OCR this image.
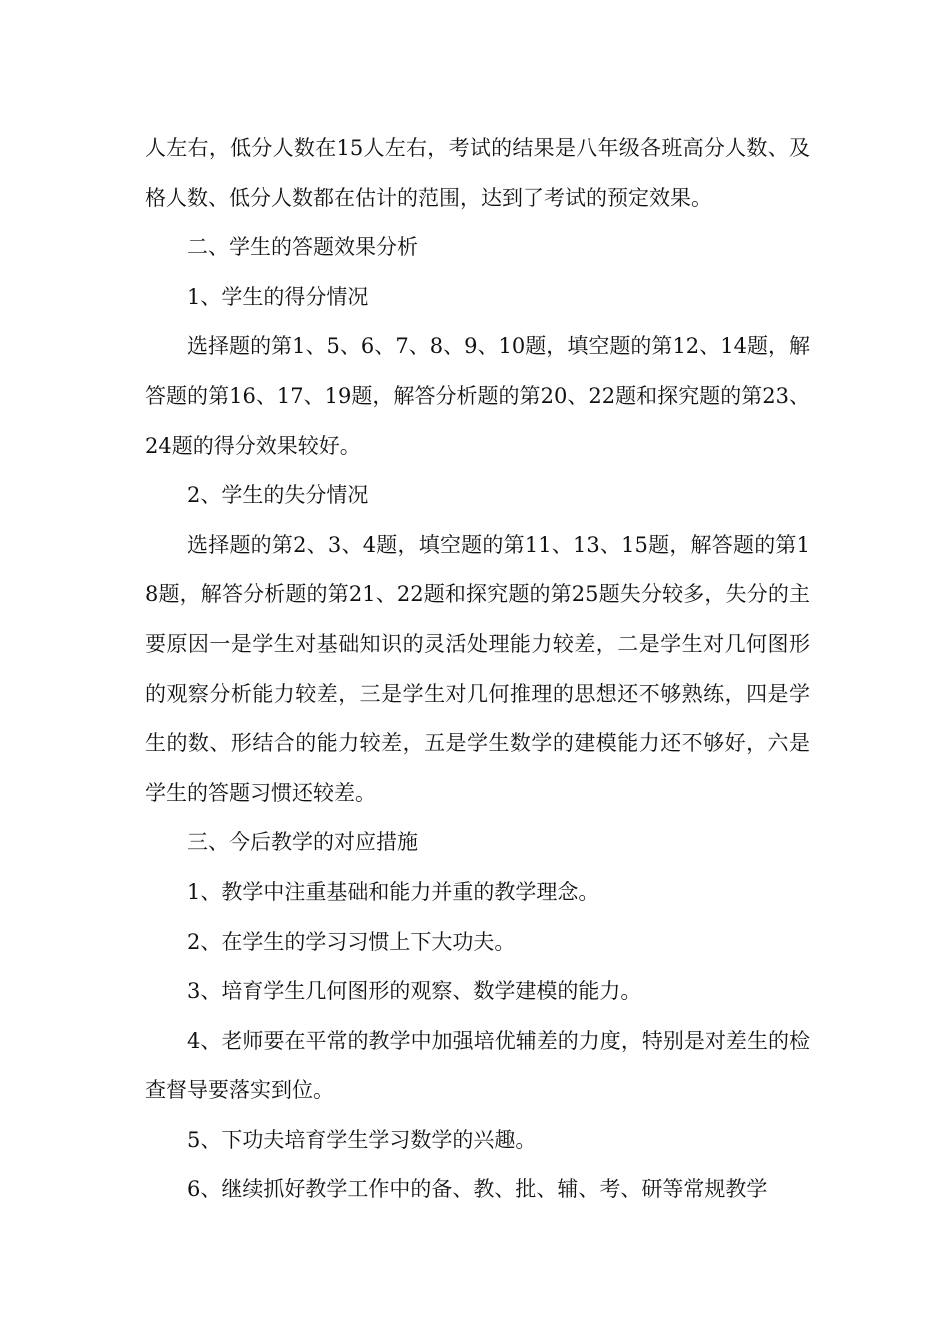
人左右，低分人数在15人左右，考试的结果是八年级各班高分人数、及格人数、低分人数都在估计的范围，达到了考试的预定效果。

二、学生的答题效果分析

1、学生的得分情况

选择题的第1、5、6、7、8、9、10题，填空题的第12、14题，解答题的第16、17、19题，解答分析题的第20、22题和探究题的第23、24题的得分效果较好。

2、学生的失分情况

选择题的第2、3、4题，填空题的第11、13、15题，解答题的第18题，解答分析题的第21、22题和探究题的第25题失分较多，失分的主要原因一是学生对基础知识的灵活处理能力较差，二是学生对几何图形的观察分析能力较差，三是学生对几何推理的思想还不够熟练，四是学生的数、形结合的能力较差，五是学生数学的建模能力还不够好，六是学生的答题习惯还较差。

三、今后教学的对应措施

1、教学中注重基础和能力并重的教学理念。

2、在学生的学习习惯上下大功夫。

3、培育学生几何图形的观察、数学建模的能力。

4、老师要在平常的教学中加强培优辅差的力度，特别是对差生的检查督导要落实到位。

5、下功夫培育学生学习数学的兴趣。

6、继续抓好教学工作中的备、教、批、辅、考、研等常规教学
